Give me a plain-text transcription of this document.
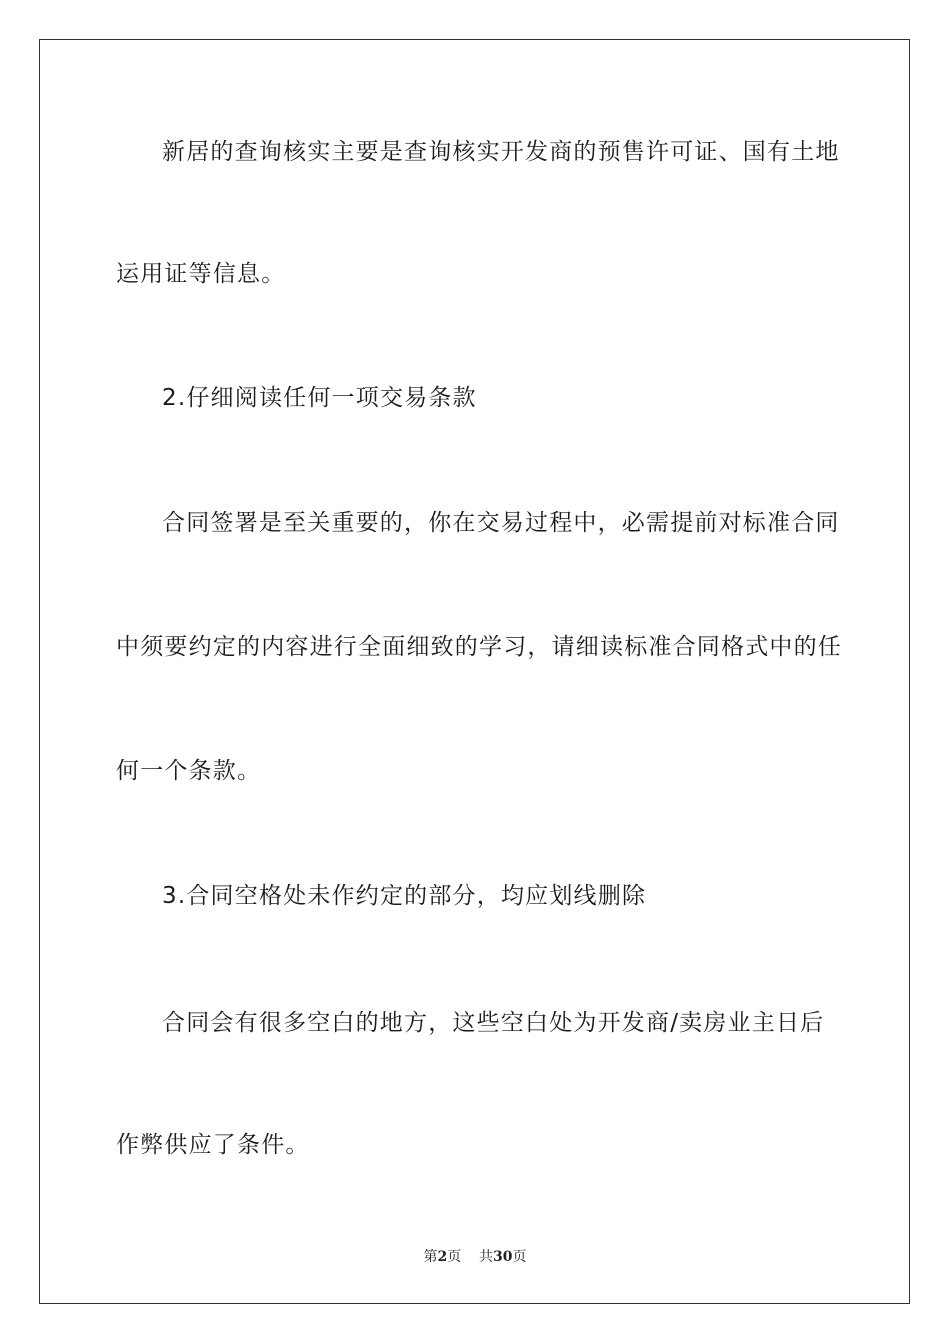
新居的查询核实主要是查询核实开发商的预售许可证、国有土地
运用证等信息。
2.仔细阅读任何一项交易条款
合同签署是至关重要的，你在交易过程中，必需提前对标准合同
中须要约定的内容进行全面细致的学习，请细读标准合同格式中的任
何一个条款。
3.合同空格处未作约定的部分，均应划线删除
合同会有很多空白的地方，这些空白处为开发商/卖房业主日后
作弊供应了条件。
第2页 共30页
